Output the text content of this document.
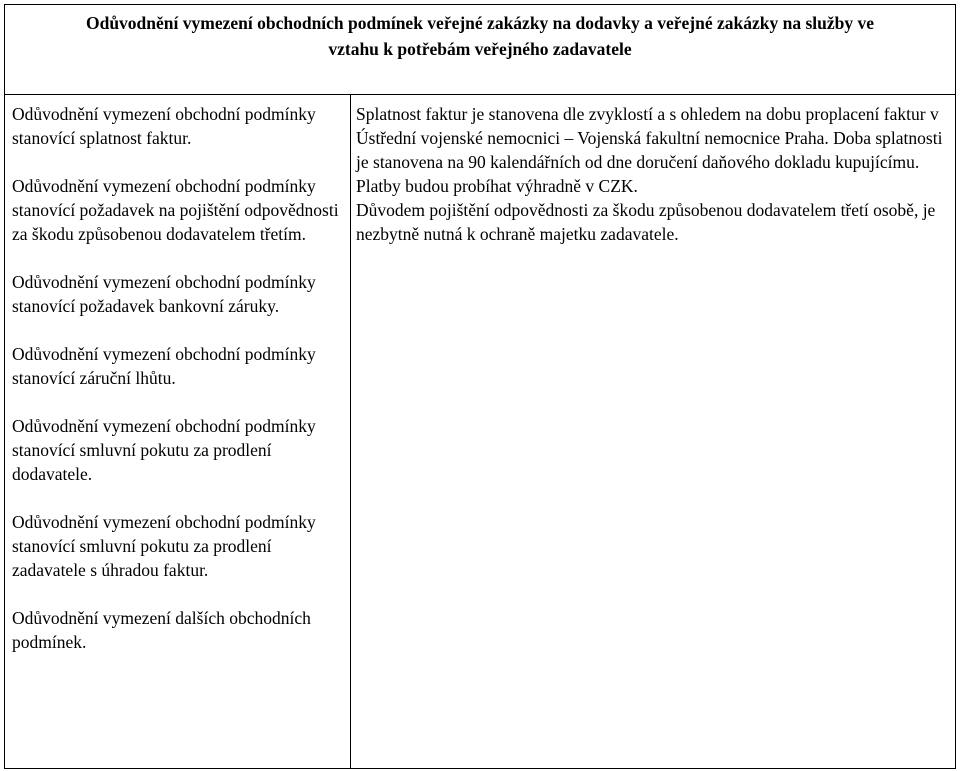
Odůvodnění vymezení obchodních podmínek veřejné zakázky na dodavky a veřejné zakázky na služby ve
vztahu k potřebám veřejného zadavatele

Odůvodnění vymezení obchodní podmínky stanovící splatnost faktur.

Odůvodnění vymezení obchodní podmínky stanovící požadavek na pojištění odpovědnosti za škodu způsobenou dodavatelem třetím.

Odůvodnění vymezení obchodní podmínky stanovící požadavek bankovní záruky.

Odůvodnění vymezení obchodní podmínky stanovící záruční lhůtu.

Odůvodnění vymezení obchodní podmínky stanovící smluvní pokutu za prodlení dodavatele.

Odůvodnění vymezení obchodní podmínky stanovící smluvní pokutu za prodlení zadavatele s úhradou faktur.

Odůvodnění vymezení dalších obchodních podmínek.

Splatnost faktur je stanovena dle zvyklostí a s ohledem na dobu proplacení faktur v Ústřední vojenské nemocnici – Vojenská fakultní nemocnice Praha. Doba splatnosti je stanovena na 90 kalendářních od dne doručení daňového dokladu kupujícímu. Platby budou probíhat výhradně v CZK.

Důvodem pojištění odpovědnosti za škodu způsobenou dodavatelem třetí osobě, je nezbytně nutná k ochraně majetku zadavatele.
